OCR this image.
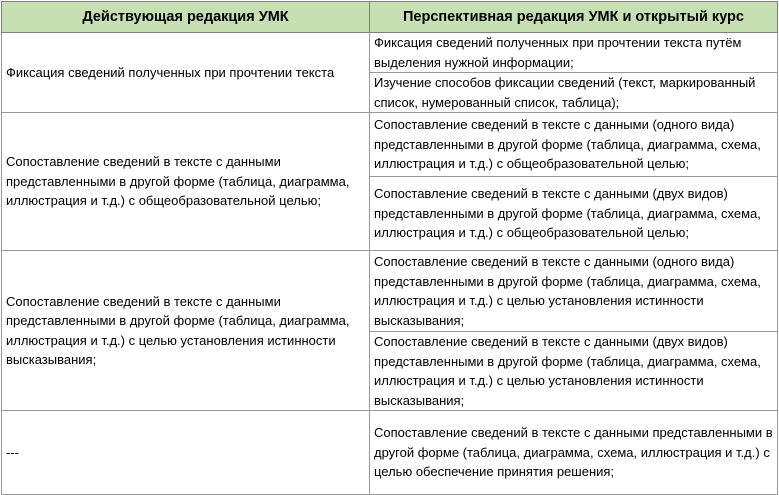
Действующая редакция УМК	Перспективная редакция УМК и открытый курс

Фиксация сведений полученных при прочтении текста	Фиксация сведений полученных при прочтении текста путём выделения нужной информации;

	Изучение способов фиксации сведений (текст, маркированный список, нумерованный список, таблица);

Сопоставление сведений в тексте с данными представленными в другой форме (таблица, диаграмма, иллюстрация и т.д.) с общеобразовательной целью;	Сопоставление сведений в тексте с данными (одного вида) представленными в другой форме (таблица, диаграмма, схема, иллюстрация и т.д.) с общеобразовательной целью;

	Сопоставление сведений в тексте с данными (двух видов) представленными в другой форме (таблица, диаграмма, схема, иллюстрация и т.д.) с общеобразовательной целью;

Сопоставление сведений в тексте с данными представленными в другой форме (таблица, диаграмма, иллюстрация и т.д.) с целью установления истинности высказывания;	Сопоставление сведений в тексте с данными (одного вида) представленными в другой форме (таблица, диаграмма, схема, иллюстрация и т.д.) с целью установления истинности высказывания;

	Сопоставление сведений в тексте с данными (двух видов) представленными в другой форме (таблица, диаграмма, схема, иллюстрация и т.д.) с целью установления истинности высказывания;

---	Сопоставление сведений в тексте с данными представленными в другой форме (таблица, диаграмма, схема, иллюстрация и т.д.) с целью обеспечение принятия решения;
